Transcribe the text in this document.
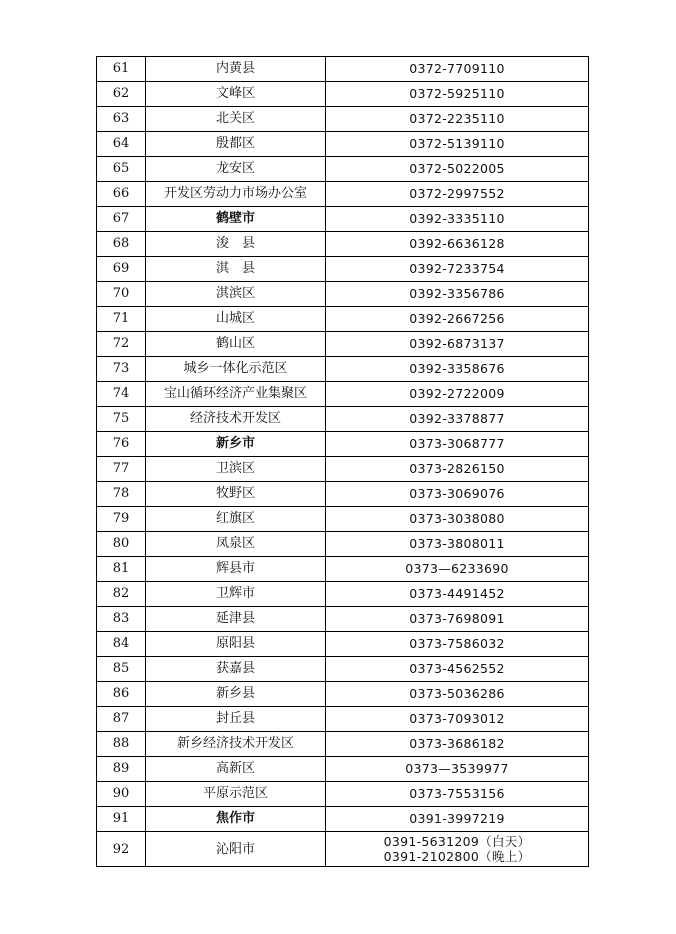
61	内黄县	0372-7709110
62	文峰区	0372-5925110
63	北关区	0372-2235110
64	殷都区	0372-5139110
65	龙安区	0372-5022005
66	开发区劳动力市场办公室	0372-2997552
67	鹤壁市	0392-3335110
68	浚　县	0392-6636128
69	淇　县	0392-7233754
70	淇滨区	0392-3356786
71	山城区	0392-2667256
72	鹤山区	0392-6873137
73	城乡一体化示范区	0392-3358676
74	宝山循环经济产业集聚区	0392-2722009
75	经济技术开发区	0392-3378877
76	新乡市	0373-3068777
77	卫滨区	0373-2826150
78	牧野区	0373-3069076
79	红旗区	0373-3038080
80	凤泉区	0373-3808011
81	辉县市	0373—6233690
82	卫辉市	0373-4491452
83	延津县	0373-7698091
84	原阳县	0373-7586032
85	获嘉县	0373-4562552
86	新乡县	0373-5036286
87	封丘县	0373-7093012
88	新乡经济技术开发区	0373-3686182
89	高新区	0373—3539977
90	平原示范区	0373-7553156
91	焦作市	0391-3997219
92	沁阳市	0391-5631209（白天）
0391-2102800（晚上）
